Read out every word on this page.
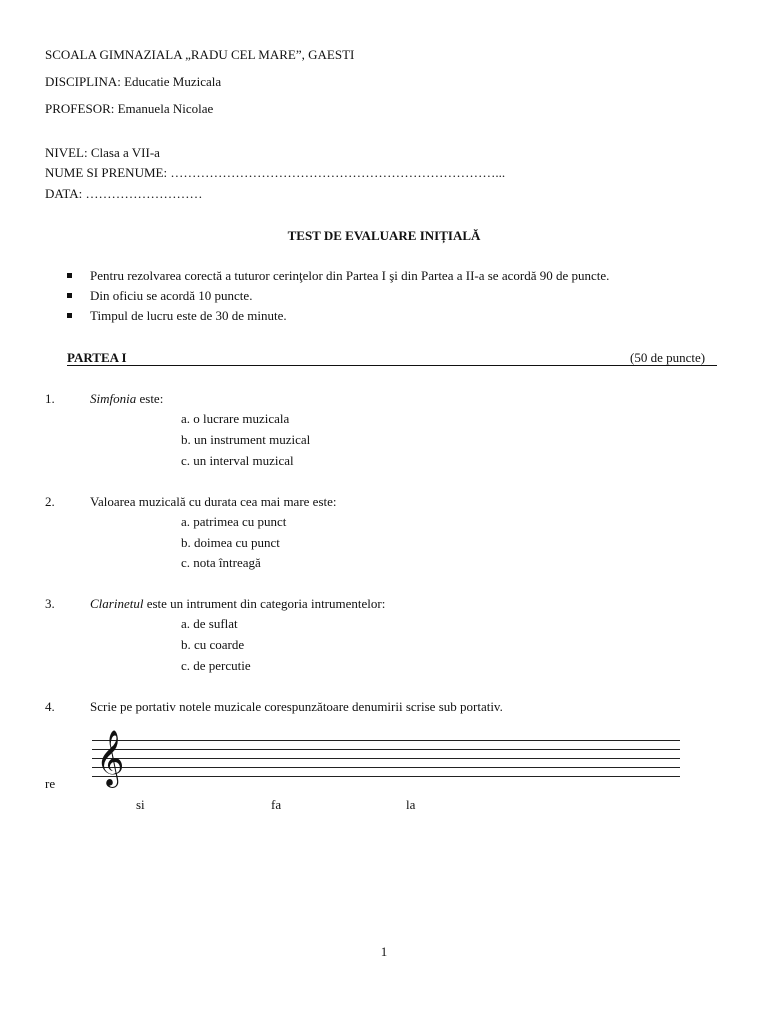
SCOALA GIMNAZIALA „RADU CEL MARE”, GAESTI
DISCIPLINA: Educatie Muzicala
PROFESOR: Emanuela Nicolae
NIVEL: Clasa a VII-a
NUME SI PRENUME: …………………………………………………………………...
DATA: ………………………
TEST DE EVALUARE INIȚIALĂ
Pentru rezolvarea corectă a tuturor cerinţelor din Partea I şi din Partea a II-a se acordă 90 de puncte.
Din oficiu se acordă 10 puncte.
Timpul de lucru este de 30 de minute.
PARTEA I	(50 de puncte)
1.	Simfonia este:
a. o lucrare muzicala
b. un instrument muzical
c. un interval muzical
2.	Valoarea muzicală cu durata cea mai mare este:
a. patrimea cu punct
b. doimea cu punct
c. nota întreagă
3.	Clarinetul este un intrument din categoria intrumentelor:
a. de suflat
b. cu coarde
c. de percutie
4.	Scrie pe portativ notele muzicale corespunzătoare denumirii scrise sub portativ.
𝄞
re
si	fa	la
1
